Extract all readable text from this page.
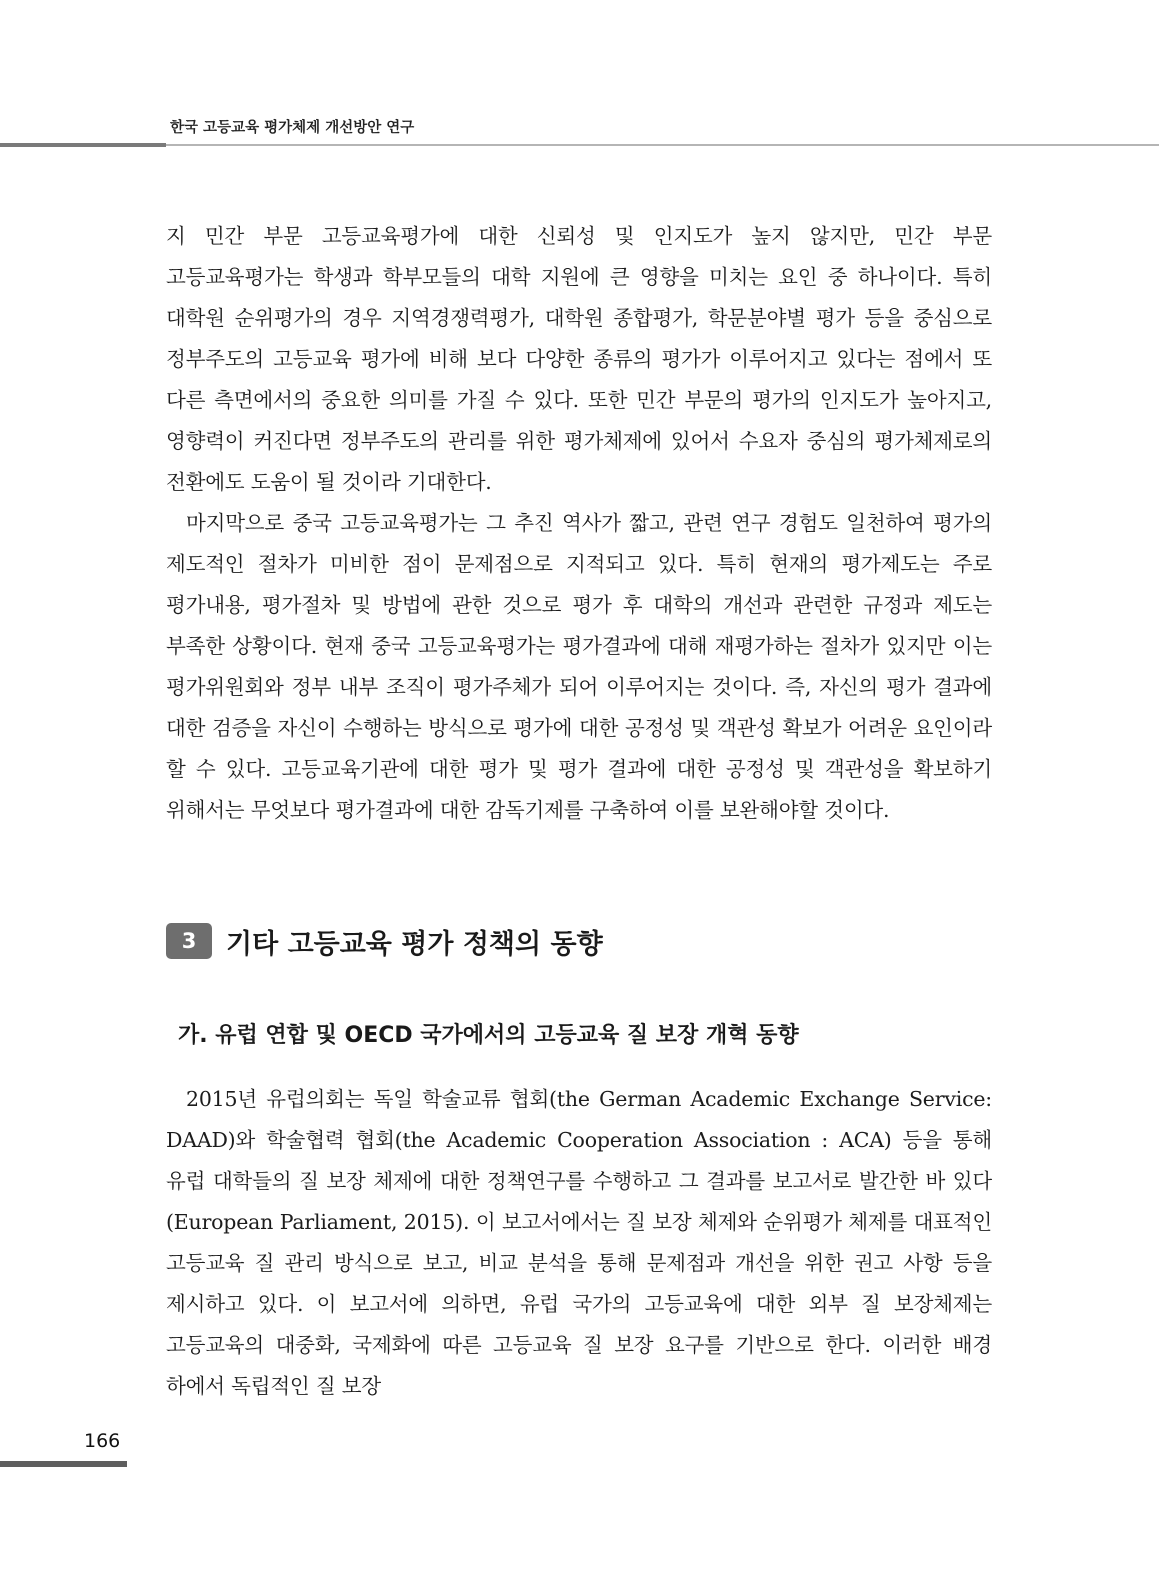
한국 고등교육 평가체제 개선방안 연구

지 민간 부문 고등교육평가에 대한 신뢰성 및 인지도가 높지 않지만, 민간 부문 고등교육평가는 학생과 학부모들의 대학 지원에 큰 영향을 미치는 요인 중 하나이다. 특히 대학원 순위평가의 경우 지역경쟁력평가, 대학원 종합평가, 학문분야별 평가 등을 중심으로 정부주도의 고등교육 평가에 비해 보다 다양한 종류의 평가가 이루어지고 있다는 점에서 또 다른 측면에서의 중요한 의미를 가질 수 있다. 또한 민간 부문의 평가의 인지도가 높아지고, 영향력이 커진다면 정부주도의 관리를 위한 평가체제에 있어서 수요자 중심의 평가체제로의 전환에도 도움이 될 것이라 기대한다.

마지막으로 중국 고등교육평가는 그 추진 역사가 짧고, 관련 연구 경험도 일천하여 평가의 제도적인 절차가 미비한 점이 문제점으로 지적되고 있다. 특히 현재의 평가제도는 주로 평가내용, 평가절차 및 방법에 관한 것으로 평가 후 대학의 개선과 관련한 규정과 제도는 부족한 상황이다. 현재 중국 고등교육평가는 평가결과에 대해 재평가하는 절차가 있지만 이는 평가위원회와 정부 내부 조직이 평가주체가 되어 이루어지는 것이다. 즉, 자신의 평가 결과에 대한 검증을 자신이 수행하는 방식으로 평가에 대한 공정성 및 객관성 확보가 어려운 요인이라 할 수 있다. 고등교육기관에 대한 평가 및 평가 결과에 대한 공정성 및 객관성을 확보하기 위해서는 무엇보다 평가결과에 대한 감독기제를 구축하여 이를 보완해야할 것이다.

3	기타 고등교육 평가 정책의 동향
가. 유럽 연합 및 OECD 국가에서의 고등교육 질 보장 개혁 동향

2015년 유럽의회는 독일 학술교류 협회(the German Academic Exchange Service: DAAD)와 학술협력 협회(the Academic Cooperation Association : ACA) 등을 통해 유럽 대학들의 질 보장 체제에 대한 정책연구를 수행하고 그 결과를 보고서로 발간한 바 있다(European Parliament, 2015). 이 보고서에서는 질 보장 체제와 순위평가 체제를 대표적인 고등교육 질 관리 방식으로 보고, 비교 분석을 통해 문제점과 개선을 위한 권고 사항 등을 제시하고 있다. 이 보고서에 의하면, 유럽 국가의 고등교육에 대한 외부 질 보장체제는 고등교육의 대중화, 국제화에 따른 고등교육 질 보장 요구를 기반으로 한다. 이러한 배경 하에서 독립적인 질 보장

166
